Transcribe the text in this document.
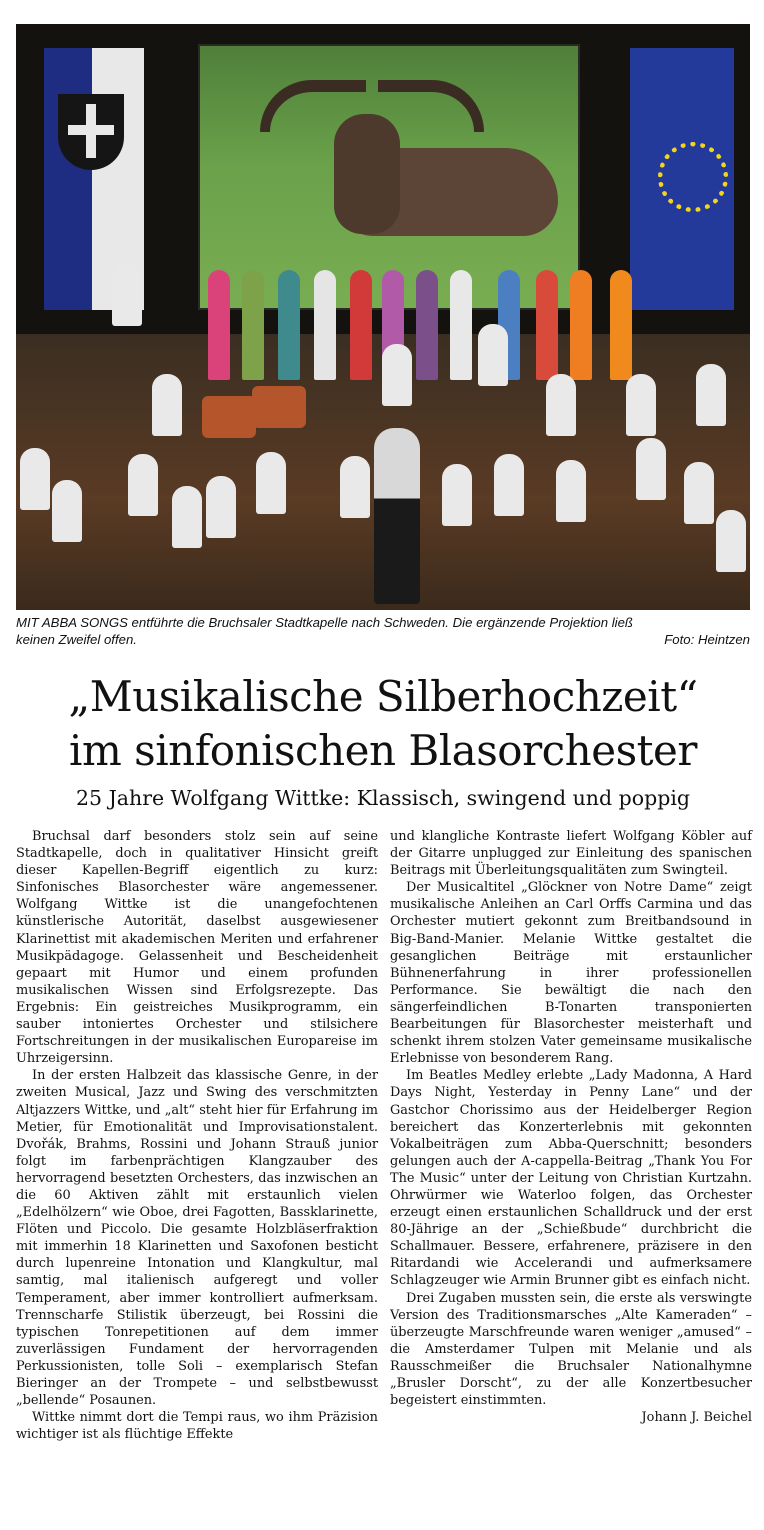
MIT ABBA SONGS entführte die Bruchsaler Stadtkapelle nach Schweden. Die ergänzende Projektion ließ
keinen Zweifel offen.	Foto: Heintzen
„Musikalische Silberhochzeit“
im sinfonischen Blasorchester
25 Jahre Wolfgang Wittke: Klassisch, swingend und poppig

Bruchsal darf besonders stolz sein auf seine Stadtkapelle, doch in qualitativer Hinsicht greift dieser Kapellen-Begriff eigentlich zu kurz: Sinfonisches Blasorchester wäre angemessener. Wolfgang Wittke ist die unangefochtenen künstlerische Autorität, daselbst ausgewiesener Klarinettist mit akademischen Meriten und erfahrener Musikpädagoge. Gelassenheit und Bescheidenheit gepaart mit Humor und einem profunden musikalischen Wissen sind Erfolgsrezepte. Das Ergebnis: Ein geistreiches Musikprogramm, ein sauber intoniertes Orchester und stilsichere Fortschreitungen in der musikalischen Europareise im Uhrzeigersinn.

In der ersten Halbzeit das klassische Genre, in der zweiten Musical, Jazz und Swing des verschmitzten Altjazzers Wittke, und „alt“ steht hier für Erfahrung im Metier, für Emotionalität und Improvisationstalent. Dvořák, Brahms, Rossini und Johann Strauß junior folgt im farbenprächtigen Klangzauber des hervorragend besetzten Orchesters, das inzwischen an die 60 Aktiven zählt mit erstaunlich vielen „Edelhölzern“ wie Oboe, drei Fagotten, Bassklarinette, Flöten und Piccolo. Die gesamte Holzbläserfraktion mit immerhin 18 Klarinetten und Saxofonen besticht durch lupenreine Intonation und Klangkultur, mal samtig, mal italienisch aufgeregt und voller Temperament, aber immer kontrolliert aufmerksam. Trennscharfe Stilistik überzeugt, bei Rossini die typischen Tonrepetitionen auf dem immer zuverlässigen Fundament der hervorragenden Perkussionisten, tolle Soli – exemplarisch Stefan Bieringer an der Trompete – und selbstbewusst „bellende“ Posaunen.

Wittke nimmt dort die Tempi raus, wo ihm Präzision wichtiger ist als flüchtige Effekte

und klangliche Kontraste liefert Wolfgang Köbler auf der Gitarre unplugged zur Einleitung des spanischen Beitrags mit Überleitungsqualitäten zum Swingteil.

Der Musicaltitel „Glöckner von Notre Dame“ zeigt musikalische Anleihen an Carl Orffs Carmina und das Orchester mutiert gekonnt zum Breitbandsound in Big-Band-Manier. Melanie Wittke gestaltet die gesanglichen Beiträge mit erstaunlicher Bühnenerfahrung in ihrer professionellen Performance. Sie bewältigt die nach den sängerfeindlichen B-Tonarten transponierten Bearbeitungen für Blasorchester meisterhaft und schenkt ihrem stolzen Vater gemeinsame musikalische Erlebnisse von besonderem Rang.

Im Beatles Medley erlebte „Lady Madonna, A Hard Days Night, Yesterday in Penny Lane“ und der Gastchor Chorissimo aus der Heidelberger Region bereichert das Konzerterlebnis mit gekonnten Vokalbeiträgen zum Abba-Querschnitt; besonders gelungen auch der A-cappella-Beitrag „Thank You For The Music“ unter der Leitung von Christian Kurtzahn. Ohrwürmer wie Waterloo folgen, das Orchester erzeugt einen erstaunlichen Schalldruck und der erst 80-Jährige an der „Schießbude“ durchbricht die Schallmauer. Bessere, erfahrenere, präzisere in den Ritardandi wie Accelerandi und aufmerksamere Schlagzeuger wie Armin Brunner gibt es einfach nicht.

Drei Zugaben mussten sein, die erste als verswingte Version des Traditionsmarsches „Alte Kameraden“ – überzeugte Marschfreunde waren weniger „amused“ – die Amsterdamer Tulpen mit Melanie und als Rausschmeißer die Bruchsaler Nationalhymne „Brusler Dorscht“, zu der alle Konzertbesucher begeistert einstimmten.

Johann J. Beichel
